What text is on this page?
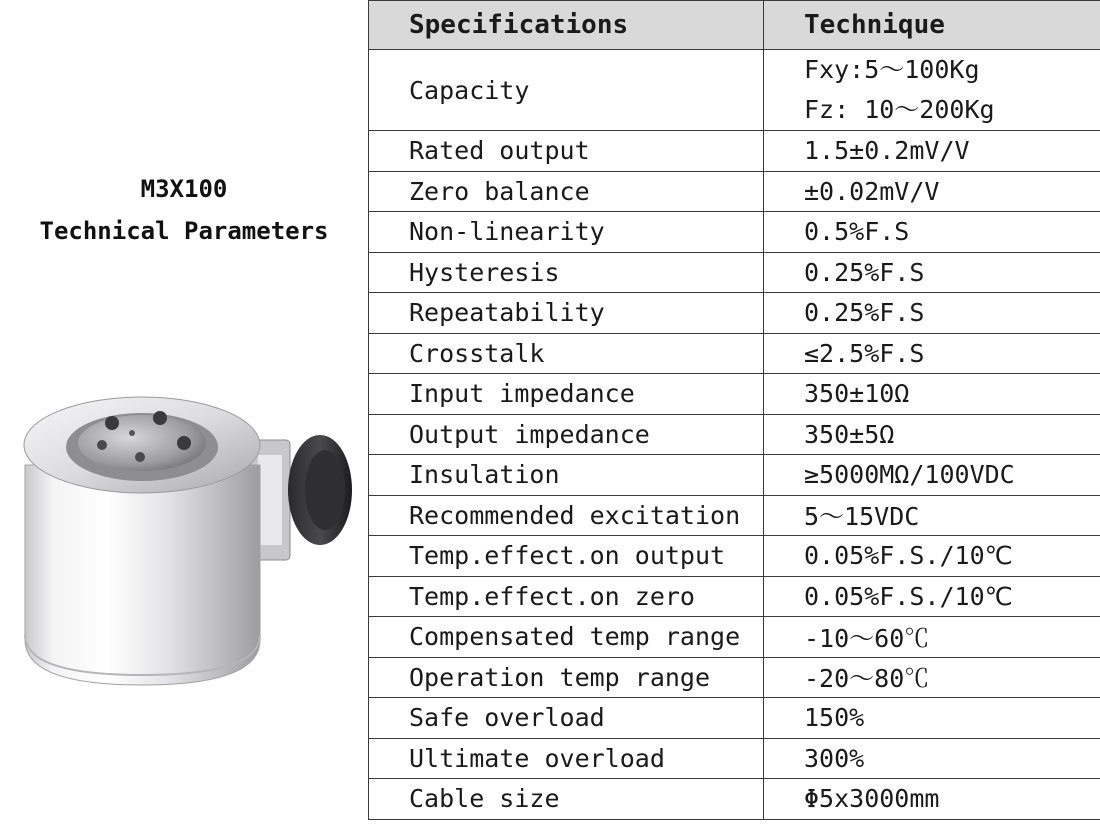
M3X100
Technical Parameters
Specifications	Technique
Capacity	Fxy:5～100Kg
Fz: 10～200Kg

Rated output	1.5±0.2mV/V
Zero balance	±0.02mV/V
Non-linearity	0.5%F.S
Hysteresis	0.25%F.S
Repeatability	0.25%F.S
Crosstalk	≤2.5%F.S
Input impedance	350±10Ω
Output impedance	350±5Ω
Insulation	≥5000MΩ/100VDC
Recommended excitation	5～15VDC
Temp.effect.on output	0.05%F.S./10℃
Temp.effect.on zero	0.05%F.S./10℃
Compensated temp range	-10～60℃
Operation temp range	-20～80℃
Safe overload	150%
Ultimate overload	300%
Cable size	Φ5x3000mm
